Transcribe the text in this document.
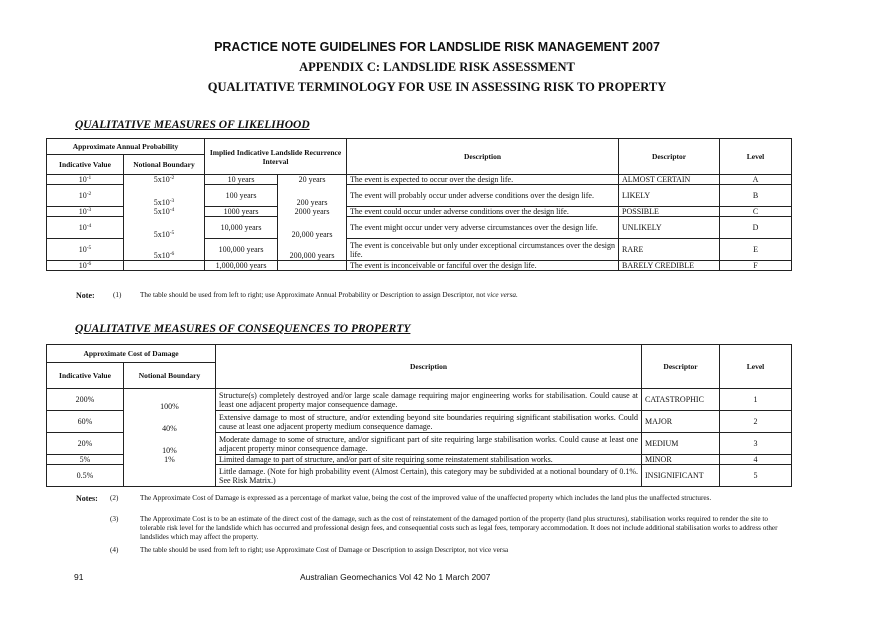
PRACTICE NOTE GUIDELINES FOR LANDSLIDE RISK MANAGEMENT 2007
APPENDIX C: LANDSLIDE RISK ASSESSMENT
QUALITATIVE TERMINOLOGY FOR USE IN ASSESSING RISK TO PROPERTY
QUALITATIVE MEASURES OF LIKELIHOOD
Approximate Annual Probability		Implied Indicative Landslide Recurrence Interval		Description	Descriptor	Level
Indicative Value	Notional Boundary					
$10^{-1}$	$5x10^{-2}$	10 years	20 years	The event is expected to occur over the design life.	ALMOST CERTAIN	A
$10^{-2}$	$5x10^{-3}$	100 years	200 years	The event will probably occur under adverse conditions over the design life.	LIKELY	B
$10^{-3}$	$5x10^{-4}$	1000 years	2000 years	The event could occur under adverse conditions over the design life.	POSSIBLE	C
$10^{-4}$	$5x10^{-5}$	10,000 years	20,000 years	The event might occur under very adverse circumstances over the design life.	UNLIKELY	D
$10^{-5}$	$5x10^{-6}$	100,000 years	200,000 years	The event is conceivable but only under exceptional circumstances over the design life.	RARE	E
$10^{-6}$		1,000,000 years		The event is inconceivable or fanciful over the design life.	BARELY CREDIBLE	F
Note:	(1)	The table should be used from left to right; use Approximate Annual Probability or Description to assign Descriptor, not vice versa.
QUALITATIVE MEASURES OF CONSEQUENCES TO PROPERTY
Approximate Cost of Damage		Description	Descriptor	Level
Indicative Value	Notional Boundary			
200%	100%	Structure(s) completely destroyed and/or large scale damage requiring major engineering works for stabilisation. Could cause at least one adjacent property major consequence damage.	CATASTROPHIC	1
60%	40%	Extensive damage to most of structure, and/or extending beyond site boundaries requiring significant stabilisation works. Could cause at least one adjacent property medium consequence damage.	MAJOR	2
20%	10%	Moderate damage to some of structure, and/or significant part of site requiring large stabilisation works. Could cause at least one adjacent property minor consequence damage.	MEDIUM	3
5%	1%	Limited damage to part of structure, and/or part of site requiring some reinstatement stabilisation works.	MINOR	4
0.5%		Little damage. (Note for high probability event (Almost Certain), this category may be subdivided at a notional boundary of 0.1%. See Risk Matrix.)	INSIGNIFICANT	5
Notes: (2)	The Approximate Cost of Damage is expressed as a percentage of market value, being the cost of the improved value of the unaffected property which includes the land plus the unaffected structures.
(3)	The Approximate Cost is to be an estimate of the direct cost of the damage, such as the cost of reinstatement of the damaged portion of the property (land plus structures), stabilisation works required to render the site to tolerable risk level for the landslide which has occurred and professional design fees, and consequential costs such as legal fees, temporary accommodation. It does not include additional stabilisation works to address other landslides which may affect the property.
(4)	The table should be used from left to right; use Approximate Cost of Damage or Description to assign Descriptor, not vice versa
91	Australian Geomechanics Vol 42 No 1 March 2007
